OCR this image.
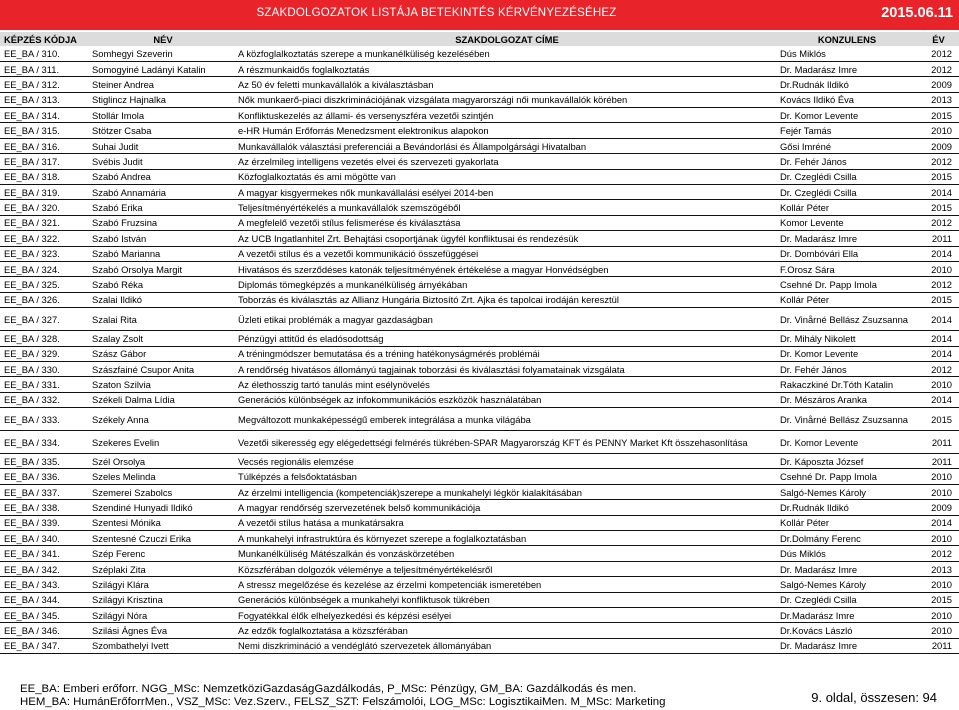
SZAKDOLGOZATOK LISTÁJA BETEKINTÉS KÉRVÉNYEZÉSÉHEZ	2015.06.11
KÉPZÉS KÓDJA	NÉV	SZAKDOLGOZAT CÍME	KONZULENS	ÉV
EE_BA / 310.	Somhegyi Szeverin	A közfoglalkoztatás szerepe a munkanélküliség kezelésében	Dús Miklós	2012
EE_BA / 311.	Somogyiné Ladányi Katalin	A részmunkaidős foglalkoztatás	Dr. Madarász Imre	2012
EE_BA / 312.	Steiner Andrea	Az 50 év feletti munkavállalók a kiválasztásban	Dr.Rudnák Ildikó	2009
EE_BA / 313.	Stiglincz Hajnalka	Nők munkaerő-piaci diszkriminációjának vizsgálata magyarországi női munkavállalók körében	Kovács Ildikó Éva	2013
EE_BA / 314.	Stollár Imola	Konfliktuskezelés az állami- és versenyszféra vezetői szintjén	Dr. Komor Levente	2015
EE_BA / 315.	Stötzer Csaba	e-HR Humán Erőforrás Menedzsment elektronikus alapokon	Fejér Tamás	2010
EE_BA / 316.	Suhai Judit	Munkavállalók választási preferenciái a Bevándorlási és Állampolgársági Hivatalban	Gősi Imréné	2009
EE_BA / 317.	Svébis Judit	Az érzelmileg intelligens vezetés elvei és szervezeti gyakorlata	Dr. Fehér János	2012
EE_BA / 318.	Szabó Andrea	Közfoglalkoztatás és ami mögötte van	Dr. Czeglédi Csilla	2015
EE_BA / 319.	Szabó Annamária	A magyar kisgyermekes nők munkavállalási esélyei 2014-ben	Dr. Czeglédi Csilla	2014
EE_BA / 320.	Szabó Erika	Teljesítményértékelés a munkavállalók szemszögéből	Kollár Péter	2015
EE_BA / 321.	Szabó Fruzsina	A megfelelő vezetői stílus felismerése és kiválasztása	Komor Levente	2012
EE_BA / 322.	Szabó István	Az UCB Ingatlanhitel Zrt. Behajtási csoportjának ügyfél konfliktusai és rendezésük	Dr. Madarász Imre	2011
EE_BA / 323.	Szabó Marianna	A vezetői stílus és a vezetői kommunikáció összefüggései	Dr. Dombóvári Ella	2014
EE_BA / 324.	Szabó Orsolya Margit	Hivatásos és szerződéses katonák teljesítményének értékelése a magyar Honvédségben	F.Orosz Sára	2010
EE_BA / 325.	Szabó Réka	Diplomás tömegképzés a munkanélküliség árnyékában	Csehné Dr. Papp Imola	2012
EE_BA / 326.	Szalai Ildikó	Toborzás és kiválasztás az Allianz Hungária Biztosító Zrt. Ajka és tapolcai irodáján keresztül	Kollár Péter	2015
EE_BA / 327.	Szalai Rita	Üzleti etikai problémák a magyar gazdaságban	Dr. Vinårné Bellász Zsuzsanna	2014
EE_BA / 328.	Szalay Zsolt	Pénzügyi attitűd és eladósodottság	Dr. Mihály Nikolett	2014
EE_BA / 329.	Szász Gábor	A tréningmódszer bemutatása és a tréning hatékonyságmérés problémái	Dr. Komor Levente	2014
EE_BA / 330.	Szászfainé Csupor Anita	A rendőrség hivatásos állományú tagjainak toborzási és kiválasztási folyamatainak vizsgálata	Dr. Fehér János	2012
EE_BA / 331.	Szaton Szilvia	Az élethosszig tartó tanulás mint esélynövelés	Rakaczkiné Dr.Tóth Katalin	2010
EE_BA / 332.	Székeli Dalma Lídia	Generációs különbségek az infokommunikációs eszközök használatában	Dr. Mészáros Aranka	2014
EE_BA / 333.	Székely Anna	Megváltozott munkaképességű emberek integrálása a munka világába	Dr. Vinårné Bellász Zsuzsanna	2015
EE_BA / 334.	Szekeres Evelin	Vezetői sikeresség egy elégedettségi felmérés tükrében-SPAR Magyarország KFT és PENNY Market Kft összehasonlítása	Dr. Komor Levente	2011
EE_BA / 335.	Szél Orsolya	Vecsés regionális elemzése	Dr. Káposzta József	2011
EE_BA / 336.	Szeles Melinda	Túlképzés a felsőoktatásban	Csehné Dr. Papp Imola	2010
EE_BA / 337.	Szemerei Szabolcs	Az érzelmi intelligencia (kompetenciák)szerepe a munkahelyi légkör kialakításában	Salgó-Nemes Károly	2010
EE_BA / 338.	Szendiné Hunyadi Ildikó	A magyar rendőrség szervezetének belső kommunikációja	Dr.Rudnák Ildikó	2009
EE_BA / 339.	Szentesi Mónika	A vezetői stílus hatása a munkatársakra	Kollár Péter	2014
EE_BA / 340.	Szentesné Czuczi Erika	A munkahelyi infrastruktúra és környezet szerepe a foglalkoztatásban	Dr.Dolmány Ferenc	2010
EE_BA / 341.	Szép Ferenc	Munkanélküliség Mátészalkán és vonzáskörzetében	Dús Miklós	2012
EE_BA / 342.	Széplaki Zita	Közszférában dolgozók véleménye a teljesítményértékelésről	Dr. Madarász Imre	2013
EE_BA / 343.	Szilágyi Klára	A stressz megelőzése és kezelése az érzelmi kompetenciák ismeretében	Salgó-Nemes Károly	2010
EE_BA / 344.	Szilágyi Krisztina	Generációs különbségek a munkahelyi konfliktusok tükrében	Dr. Czeglédi Csilla	2015
EE_BA / 345.	Szilágyi Nóra	Fogyatékkal élők elhelyezkedési és képzési esélyei	Dr.Madarász Imre	2010
EE_BA / 346.	Szilási Ágnes Éva	Az edzők foglalkoztatása a közszférában	Dr.Kovács László	2010
EE_BA / 347.	Szombathelyi Ivett	Nemi diszkrimináció a vendéglátó szervezetek állományában	Dr. Madarász Imre	2011
EE_BA: Emberi erőforr. NGG_MSc: NemzetköziGazdaságGazdálkodás, P_MSc: Pénzügy, GM_BA: Gazdálkodás és men.
HEM_BA: HumánErőforrMen., VSZ_MSc: Vez.Szerv., FELSZ_SZT: Felszámolói, LOG_MSc: LogisztikaiMen. M_MSc: Marketing	9. oldal, összesen: 94
